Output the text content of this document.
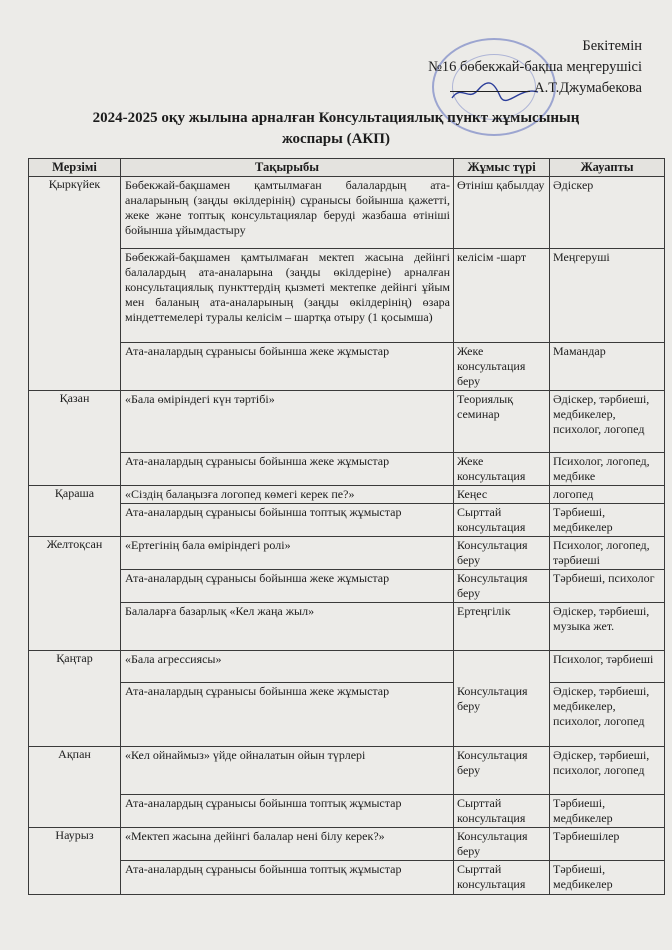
Бекітемін
№16 бөбекжай-бақша меңгерушісі
А.Т.Джумабекова
2024-2025 оқу жылына арналған Консультациялық пункт жұмысының
жоспары (АКП)
Мерзімі	Тақырыбы	Жұмыс түрі	Жауапты
Қыркүйек	Бөбекжай-бақшамен қамтылмаған балалардың ата-аналарының (заңды өкілдерінің) сұранысы бойынша қажетті, жеке және топтық консультациялар беруді жазбаша өтініші бойынша ұйымдастыру	Өтініш қабылдау	Әдіскер
	Бөбекжай-бақшамен қамтылмаған мектеп жасына дейінгі балалардың ата-аналарына (заңды өкілдеріне) арналған консультациялық пункттердің қызметі мектепке дейінгі ұйым мен баланың ата-аналарының (заңды өкілдерінің) өзара міндеттемелері туралы келісім – шартқа отыру (1 қосымша)	келісім -шарт	Меңгеруші
	Ата-аналардың сұранысы бойынша жеке жұмыстар	Жеке консультация беру	Мамандар
Қазан	«Бала өміріндегі күн тәртібі»	Теориялық семинар	Әдіскер, тәрбиеші, медбикелер, психолог, логопед
	Ата-аналардың сұранысы бойынша жеке жұмыстар	Жеке консультация	Психолог, логопед, медбике
Қараша	«Сіздің балаңызға логопед көмегі керек пе?»	Кеңес	логопед
	Ата-аналардың сұранысы бойынша топтық жұмыстар	Сырттай консультация	Тәрбиеші, медбикелер
Желтоқсан	«Ертегінің бала өміріндегі ролі»	Консультация беру	Психолог, логопед, тәрбиеші
	Ата-аналардың сұранысы бойынша жеке жұмыстар	Консультация беру	Тәрбиеші, психолог
	Балаларға базарлық «Кел жаңа жыл»	Ертеңгілік	Әдіскер, тәрбиеші, музыка жет.
Қаңтар	«Бала агрессиясы»	Консультация беру	Психолог, тәрбиеші
	Ата-аналардың сұранысы бойынша жеке жұмыстар		Әдіскер, тәрбиеші, медбикелер, психолог, логопед
Ақпан	«Кел ойнаймыз» үйде ойналатын ойын түрлері	Консультация беру	Әдіскер, тәрбиеші, психолог, логопед
	Ата-аналардың сұранысы бойынша топтық жұмыстар	Сырттай консультация	Тәрбиеші, медбикелер
Наурыз	«Мектеп жасына дейінгі балалар нені білу керек?»	Консультация беру	Тәрбиешілер
	Ата-аналардың сұранысы бойынша топтық жұмыстар	Сырттай консультация	Тәрбиеші, медбикелер
